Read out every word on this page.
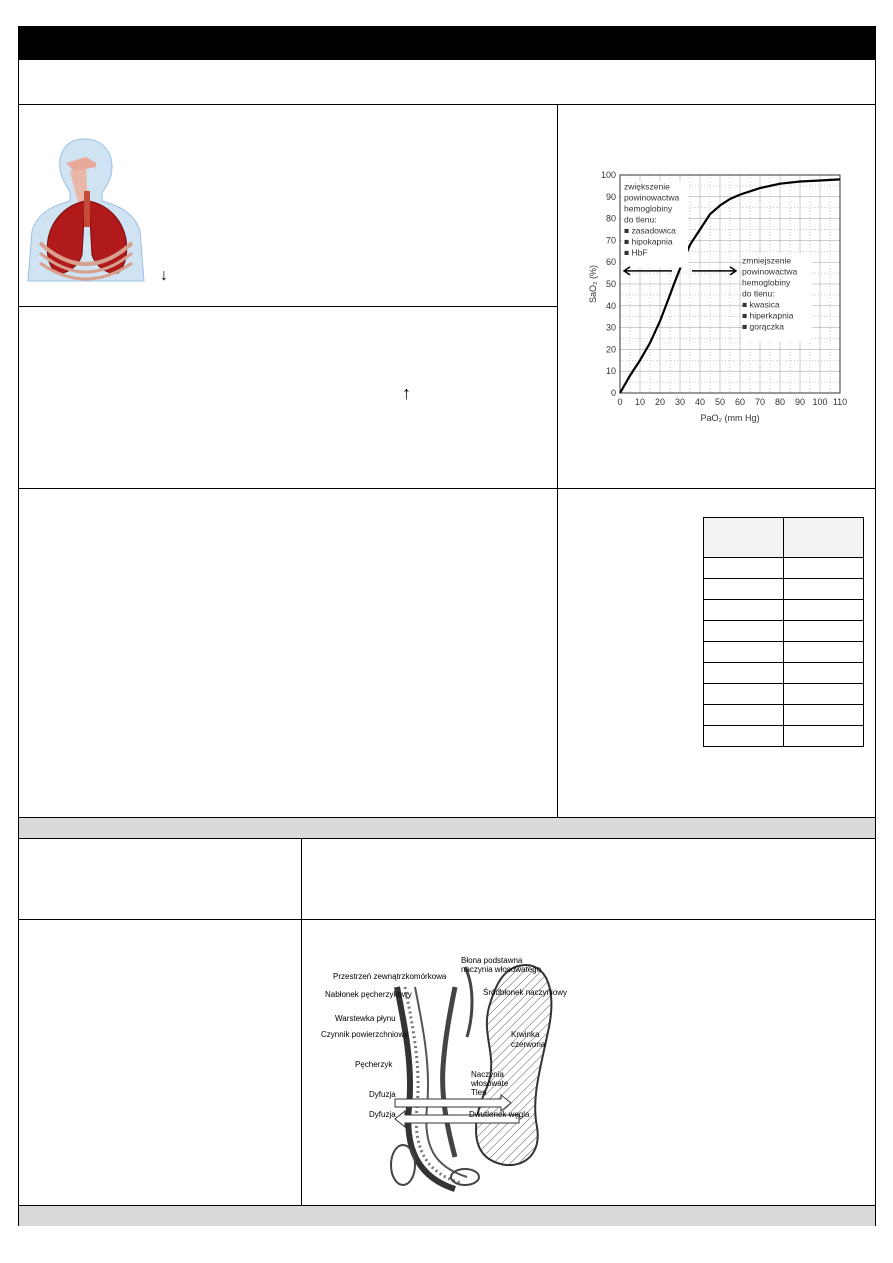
↓
↑	0 10 20 30 40 50 60 70 80 90 100 110
0
10
20
30
40
50
60
70
80
90
100
PaO₂ (mm Hg)
SaO₂ (%)
zwiększenie
powinowactwa
hemoglobiny
do tlenu:
■ zasadowica
■ hipokapnia
■ HbF
zmniejszenie
powinowactwa
hemoglobiny
do tlenu:
■ kwasica
■ hiperkapnia
■ gorączka

Przestrzeń zewnątrzkomórkowa
Błona podstawna
naczynia włosowatego
Nabłonek pęcherzykowy	Śródbłonek naczyniowy
Warstewka płynu
Czynnik powierzchniowy	Krwinka
czerwona
Pęcherzyk
Naczynia
włosowate
Tlen
Dyfuzja
Dyfuzja	Dwutlenek węgla
